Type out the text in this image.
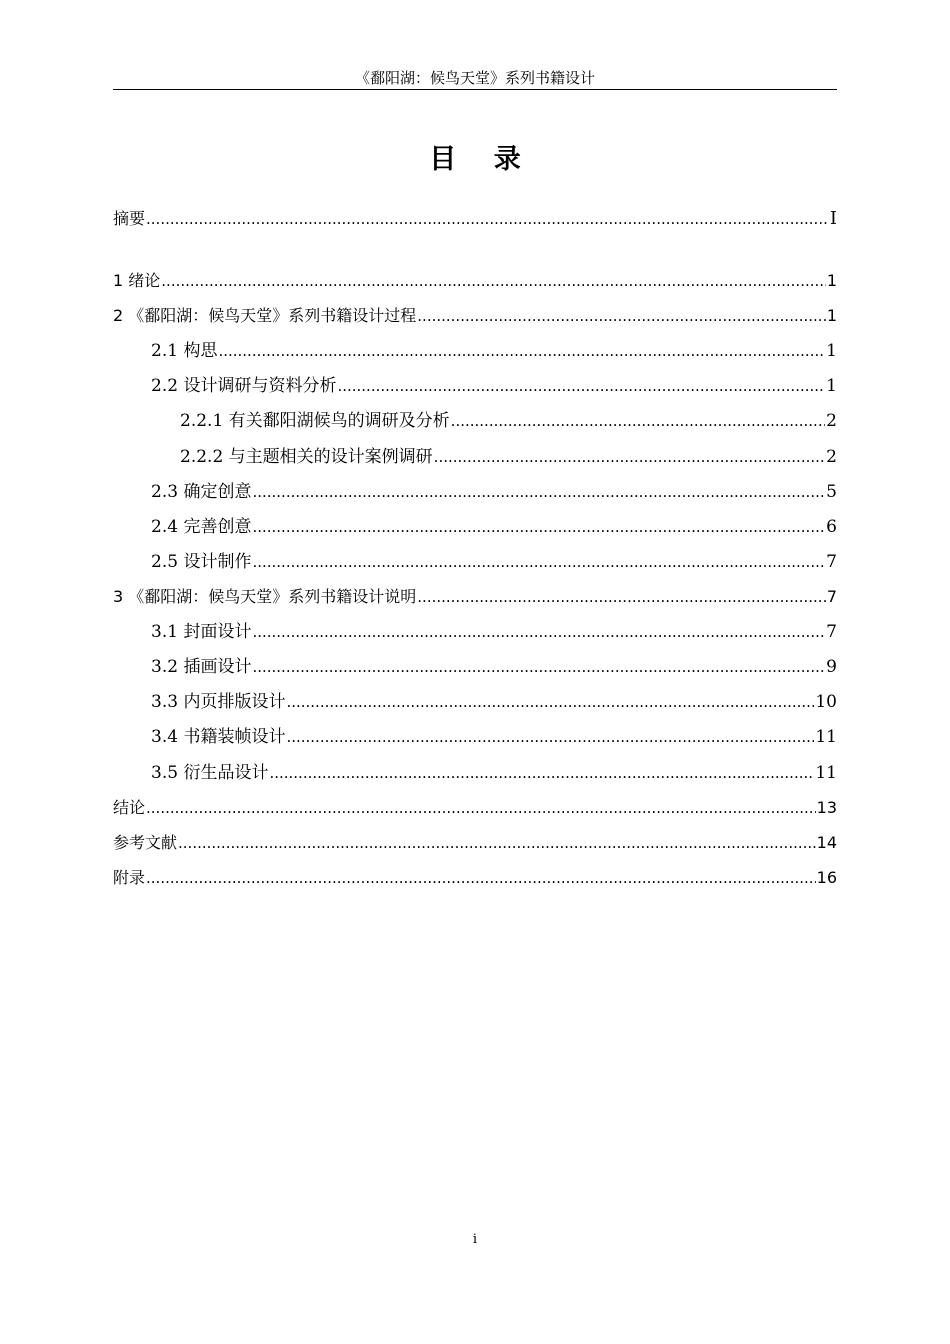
《鄱阳湖：候鸟天堂》系列书籍设计
目 录
摘要 .....	I
1 绪论 .....	1
2 《鄱阳湖：候鸟天堂》系列书籍设计过程 .....	1
2.1 构思 .....	1
2.2 设计调研与资料分析 .....	1
2.2.1 有关鄱阳湖候鸟的调研及分析 .....	2
2.2.2 与主题相关的设计案例调研 .....	2
2.3 确定创意 .....	5
2.4 完善创意 .....	6
2.5 设计制作 .....	7
3 《鄱阳湖：候鸟天堂》系列书籍设计说明 .....	7
3.1 封面设计 .....	7
3.2 插画设计 .....	9
3.3 内页排版设计 .....	10
3.4 书籍装帧设计 .....	11
3.5 衍生品设计 .....	11
结论 .....	13
参考文献 .....	14
附录 .....	16
i
